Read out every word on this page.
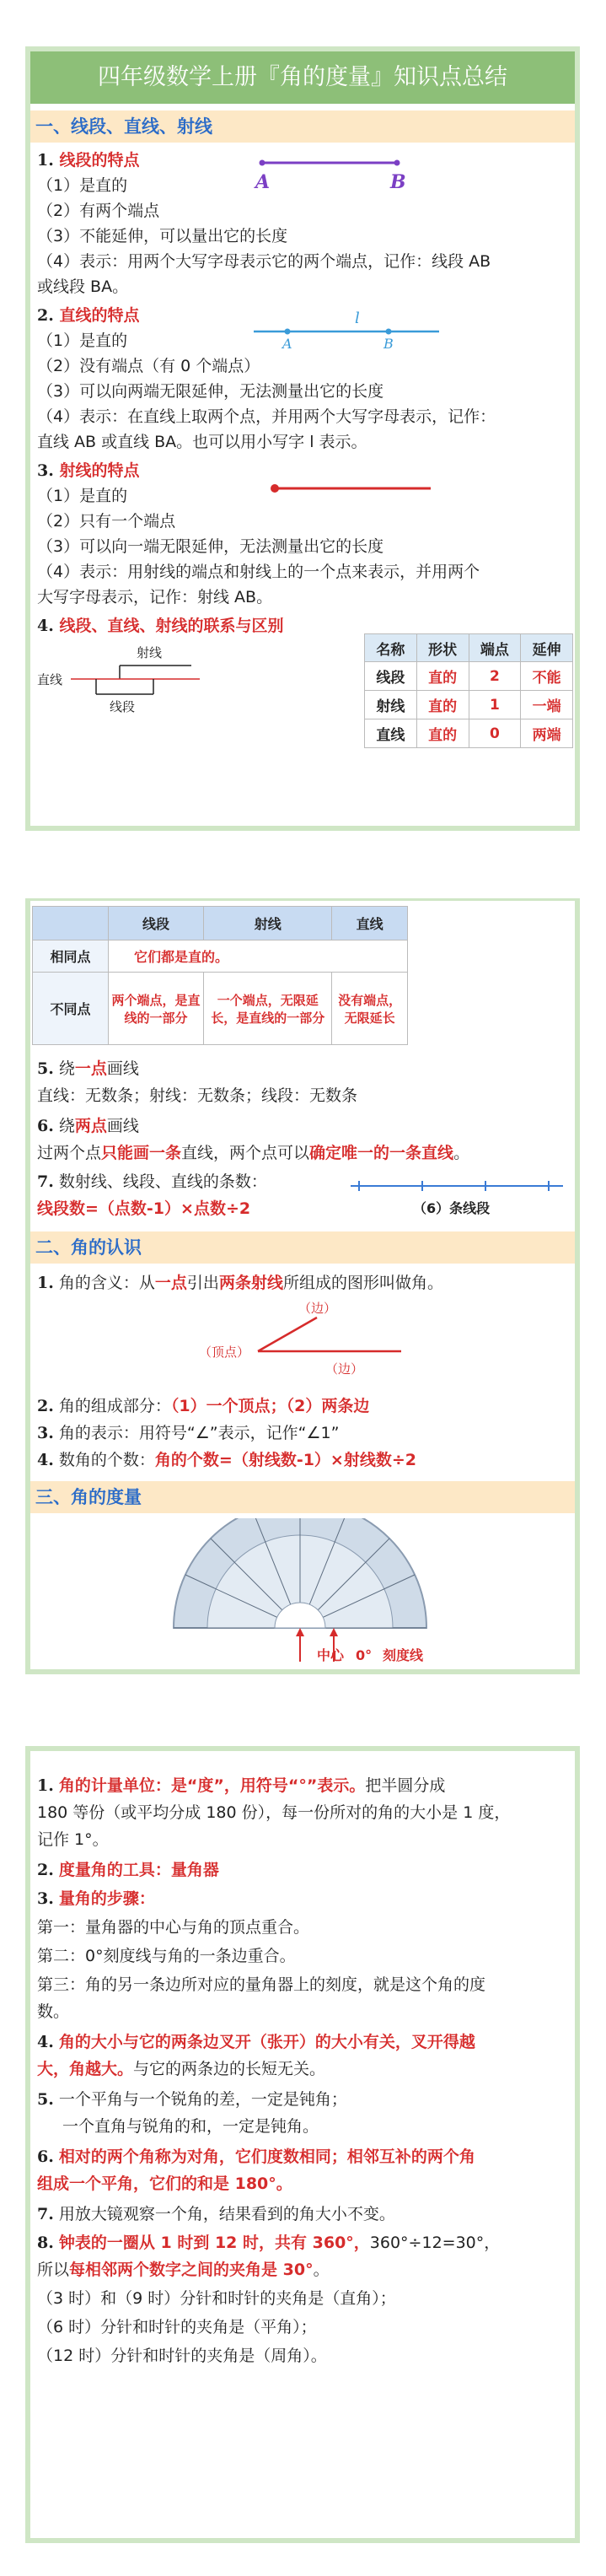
四年级数学上册『角的度量』知识点总结
一、线段、直线、射线
1. 线段的特点
A	B
（1）是直的
（2）有两个端点
（3）不能延伸，可以量出它的长度
（4）表示：用两个大写字母表示它的两个端点，记作：线段 AB
或线段 BA。
2. 直线的特点	l
A	B
（1）是直的
（2）没有端点（有 0 个端点）
（3）可以向两端无限延伸，无法测量出它的长度
（4）表示：在直线上取两个点，并用两个大写字母表示，记作：
直线 AB 或直线 BA。也可以用小写字 l 表示。
3. 射线的特点
（1）是直的
（2）只有一个端点
（3）可以向一端无限延伸，无法测量出它的长度
（4）表示：用射线的端点和射线上的一个点来表示，并用两个
大写字母表示，记作：射线 AB。
4. 线段、直线、射线的联系与区别
射线
直线
线段
名称	形状	端点	延伸
线段	直的	2	不能
射线	直的	1	一端
直线	直的	0	两端
	线段	射线	直线
相同点	它们都是直的。		
不同点	两个端点，是直线的一部分	一个端点，无限延长，是直线的一部分	没有端点，无限延长
5. 绕一点画线
直线：无数条；射线：无数条；线段：无数条
6. 绕两点画线
过两个点只能画一条直线，两个点可以确定唯一的一条直线。
7. 数射线、线段、直线的条数：
线段数=（点数-1）×点数÷2	（6）条线段
二、角的认识
1. 角的含义：从一点引出两条射线所组成的图形叫做角。
（边）
（顶点）
（边）
2. 角的组成部分：（1）一个顶点；（2）两条边
3. 角的表示：用符号“∠”表示，记作“∠1”
4. 数角的个数：角的个数=（射线数-1）×射线数÷2
三、角的度量
中心 0° 刻度线
1. 角的计量单位：是“度”，用符号“°”表示。把半圆分成
180 等份（或平均分成 180 份），每一份所对的角的大小是 1 度，
记作 1°。
2. 度量角的工具：量角器
3. 量角的步骤：
第一：量角器的中心与角的顶点重合。
第二：0°刻度线与角的一条边重合。
第三：角的另一条边所对应的量角器上的刻度，就是这个角的度
数。
4. 角的大小与它的两条边叉开（张开）的大小有关，叉开得越
大，角越大。与它的两条边的长短无关。
5. 一个平角与一个锐角的差，一定是钝角；
一个直角与锐角的和，一定是钝角。
6. 相对的两个角称为对角，它们度数相同；相邻互补的两个角
组成一个平角，它们的和是 180°。
7. 用放大镜观察一个角，结果看到的角大小不变。
8. 钟表的一圈从 1 时到 12 时，共有 360°，360°÷12=30°，
所以每相邻两个数字之间的夹角是 30°。
（3 时）和（9 时）分针和时针的夹角是（直角）；
（6 时）分针和时针的夹角是（平角）；
（12 时）分针和时针的夹角是（周角）。
